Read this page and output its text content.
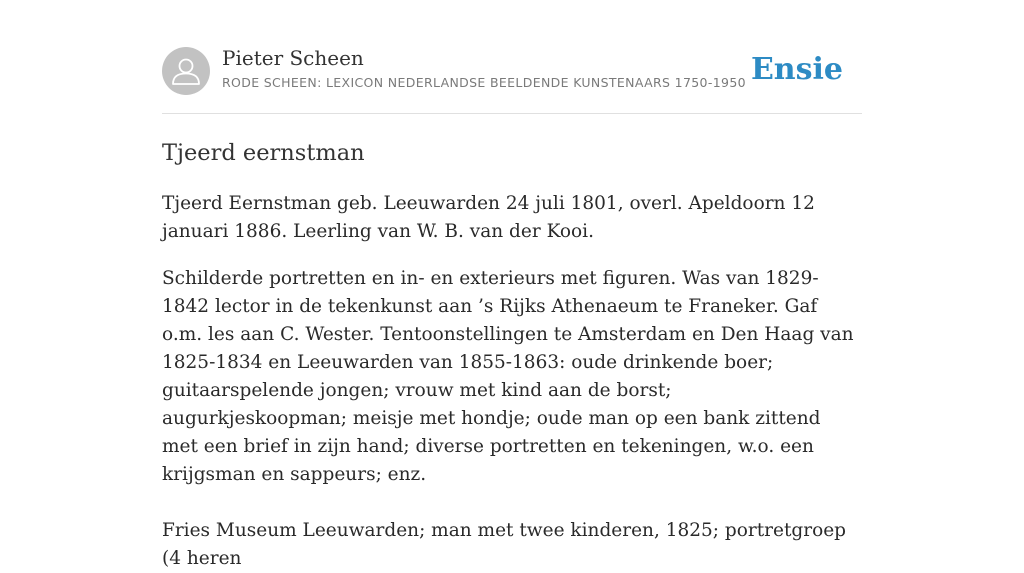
Pieter Scheen
RODE SCHEEN: LEXICON NEDERLANDSE BEELDENDE KUNSTENAARS 1750-1950 Ensie
Tjeerd eernstman

Tjeerd Eernstman geb. Leeuwarden 24 juli 1801, overl. Apeldoorn 12 januari 1886. Leerling van W. B. van der Kooi.

Schilderde portretten en in- en exterieurs met figuren. Was van 1829-1842 lector in de tekenkunst aan ’s Rijks Athenaeum te Franeker. Gaf o.m. les aan C. Wester. Tentoonstellingen te Amsterdam en Den Haag van 1825-1834 en Leeuwarden van 1855-1863: oude drinkende boer; guitaarspelende jongen; vrouw met kind aan de borst; augurkjeskoopman; meisje met hondje; oude man op een bank zittend met een brief in zijn hand; diverse portretten en tekeningen, w.o. een krijgsman en sappeurs; enz.

Fries Museum Leeuwarden; man met twee kinderen, 1825; portretgroep (4 heren
